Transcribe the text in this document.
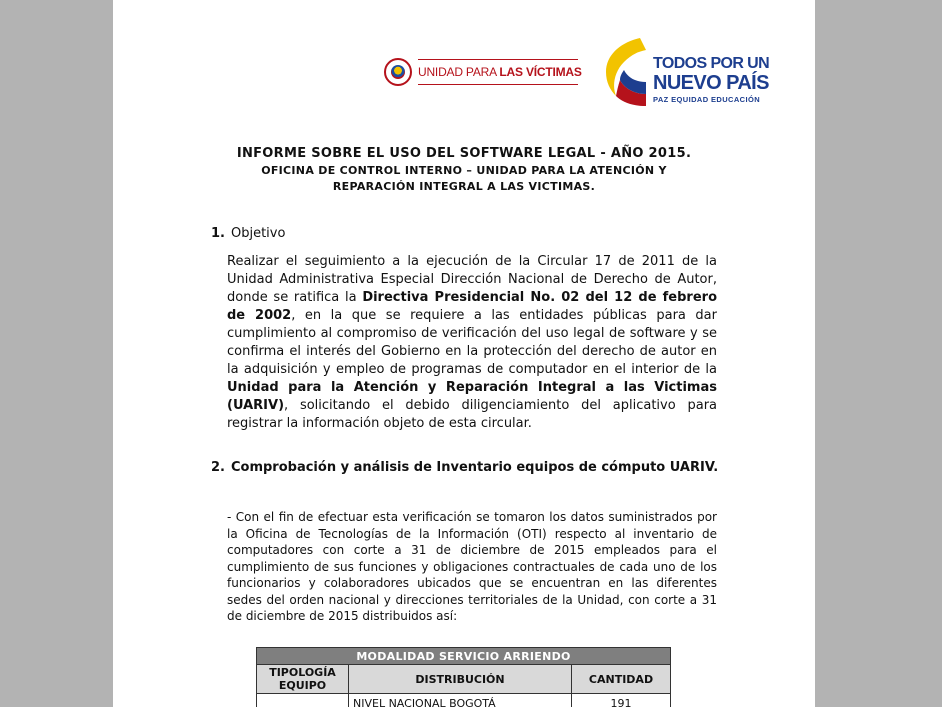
UNIDAD PARA LAS VÍCTIMAS	TODOS POR UN
NUEVO PAÍS
PAZ EQUIDAD EDUCACIÓN
INFORME SOBRE EL USO DEL SOFTWARE LEGAL - AÑO 2015.
OFICINA DE CONTROL INTERNO – UNIDAD PARA LA ATENCIÓN Y
REPARACIÓN INTEGRAL A LAS VICTIMAS.
1. Objetivo
Realizar el seguimiento a la ejecución de la Circular 17 de 2011 de la Unidad Administrativa Especial Dirección Nacional de Derecho de Autor, donde se ratifica la Directiva Presidencial No. 02 del 12 de febrero de 2002, en la que se requiere a las entidades públicas para dar cumplimiento al compromiso de verificación del uso legal de software y se confirma el interés del Gobierno en la protección del derecho de autor en la adquisición y empleo de programas de computador en el interior de la Unidad para la Atención y Reparación Integral a las Victimas (UARIV), solicitando el debido diligenciamiento del aplicativo para registrar la información objeto de esta circular.
2. Comprobación y análisis de Inventario equipos de cómputo UARIV.
- Con el fin de efectuar esta verificación se tomaron los datos suministrados por la Oficina de Tecnologías de la Información (OTI) respecto al inventario de computadores con corte a 31 de diciembre de 2015 empleados para el cumplimiento de sus funciones y obligaciones contractuales de cada uno de los funcionarios y colaboradores ubicados que se encuentran en las diferentes sedes del orden nacional y direcciones territoriales de la Unidad, con corte a 31 de diciembre de 2015 distribuidos así:
MODALIDAD SERVICIO ARRIENDO		
TIPOLOGÍA EQUIPO	DISTRIBUCIÓN	CANTIDAD
	NIVEL NACIONAL BOGOTÁ	191
